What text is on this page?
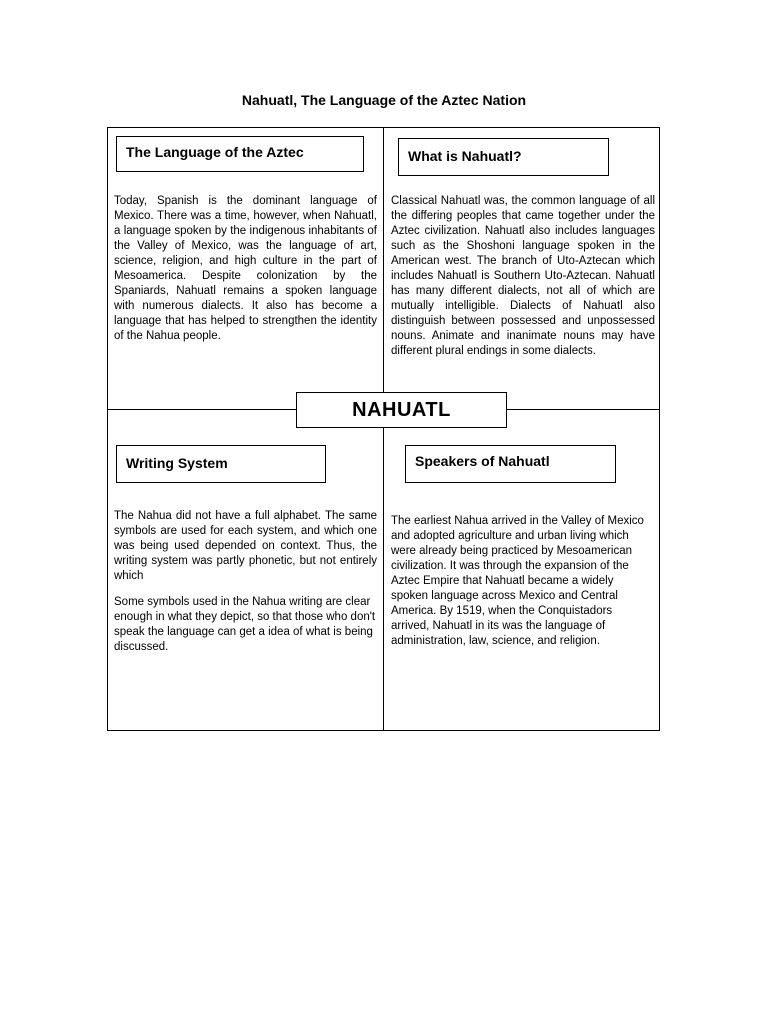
Nahuatl, The Language of the Aztec Nation
The Language of the Aztec

Today, Spanish is the dominant language of Mexico. There was a time, however, when Nahuatl, a language spoken by the indigenous inhabitants of the Valley of Mexico, was the language of art, science, religion, and high culture in the part of Mesoamerica. Despite colonization by the Spaniards, Nahuatl remains a spoken language with numerous dialects. It also has become a language that has helped to strengthen the identity of the Nahua people.

What is Nahuatl?

Classical Nahuatl was, the common language of all the differing peoples that came together under the Aztec civilization. Nahuatl also includes languages such as the Shoshoni language spoken in the American west. The branch of Uto-Aztecan which includes Nahuatl is Southern Uto-Aztecan. Nahuatl has many different dialects, not all of which are mutually intelligible. Dialects of Nahuatl also distinguish between possessed and unpossessed nouns. Animate and inanimate nouns may have different plural endings in some dialects.

NAHUATL
Writing System

The Nahua did not have a full alphabet. The same symbols are used for each system, and which one was being used depended on context. Thus, the writing system was partly phonetic, but not entirely which

Some symbols used in the Nahua writing are clear enough in what they depict, so that those who don't speak the language can get a idea of what is being discussed.

Speakers of Nahuatl

The earliest Nahua arrived in the Valley of Mexico and adopted agriculture and urban living which were already being practiced by Mesoamerican civilization. It was through the expansion of the Aztec Empire that Nahuatl became a widely spoken language across Mexico and Central America. By 1519, when the Conquistadors arrived, Nahuatl in its was the language of administration, law, science, and religion.
